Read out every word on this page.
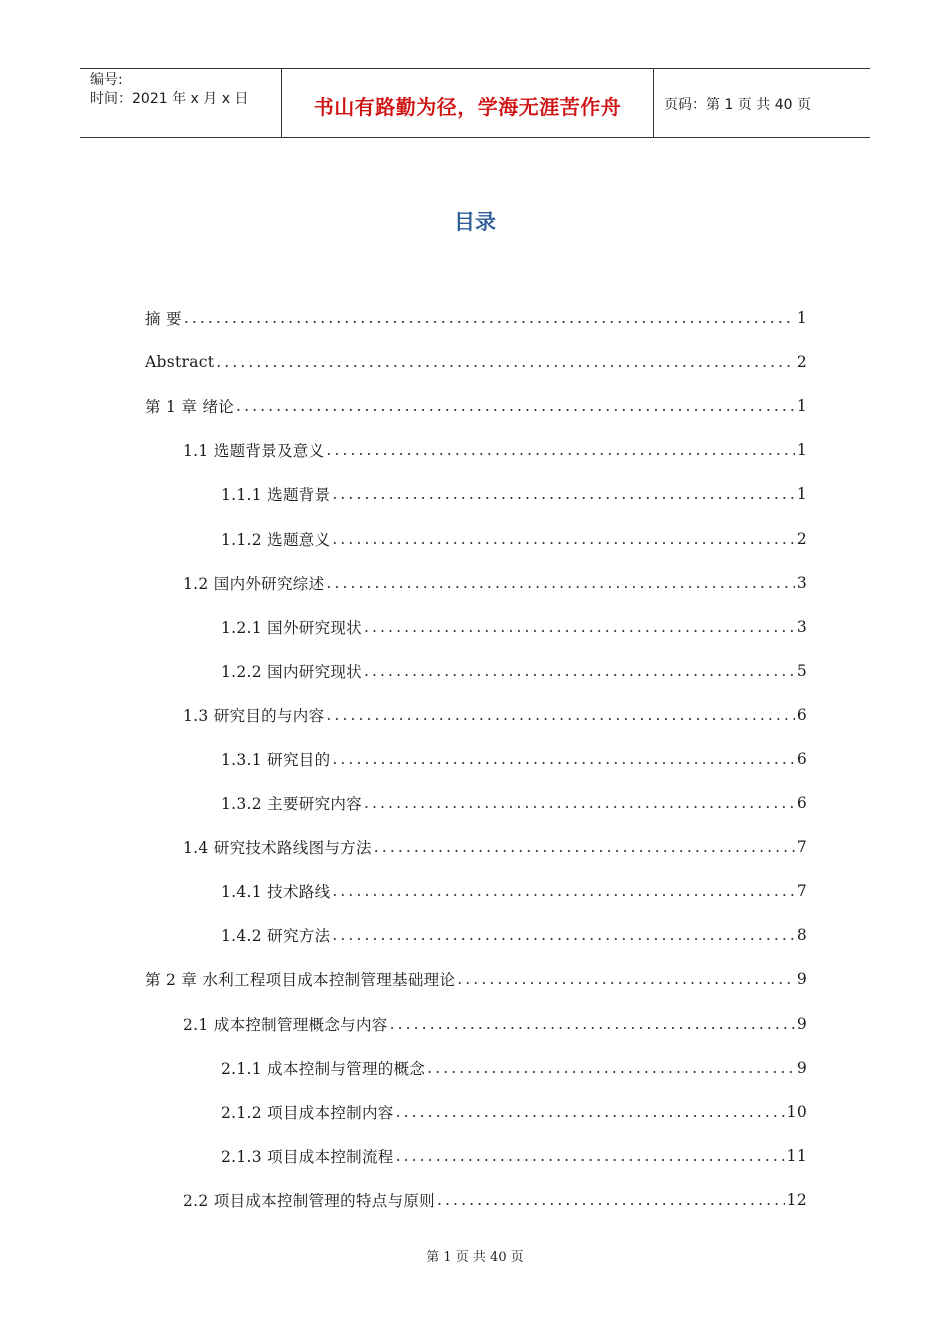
编号:
时间：2021 年 x 月 x 日	书山有路勤为径，学海无涯苦作舟	页码：第 1 页 共 40 页
目录
摘 要 .....	1
Abstract .....	2
第 1 章 绪论 .....	1
1.1 选题背景及意义 .....	1
1.1.1 选题背景 .....	1
1.1.2 选题意义 .....	2
1.2 国内外研究综述 .....	3
1.2.1 国外研究现状 .....	3
1.2.2 国内研究现状 .....	5
1.3 研究目的与内容 .....	6
1.3.1 研究目的 .....	6
1.3.2 主要研究内容 .....	6
1.4 研究技术路线图与方法 .....	7
1.4.1 技术路线 .....	7
1.4.2 研究方法 .....	8
第 2 章 水利工程项目成本控制管理基础理论 .....	9
2.1 成本控制管理概念与内容 .....	9
2.1.1 成本控制与管理的概念 .....	9
2.1.2 项目成本控制内容 .....	10
2.1.3 项目成本控制流程 .....	11
2.2 项目成本控制管理的特点与原则 .....	12
第 1 页 共 40 页
